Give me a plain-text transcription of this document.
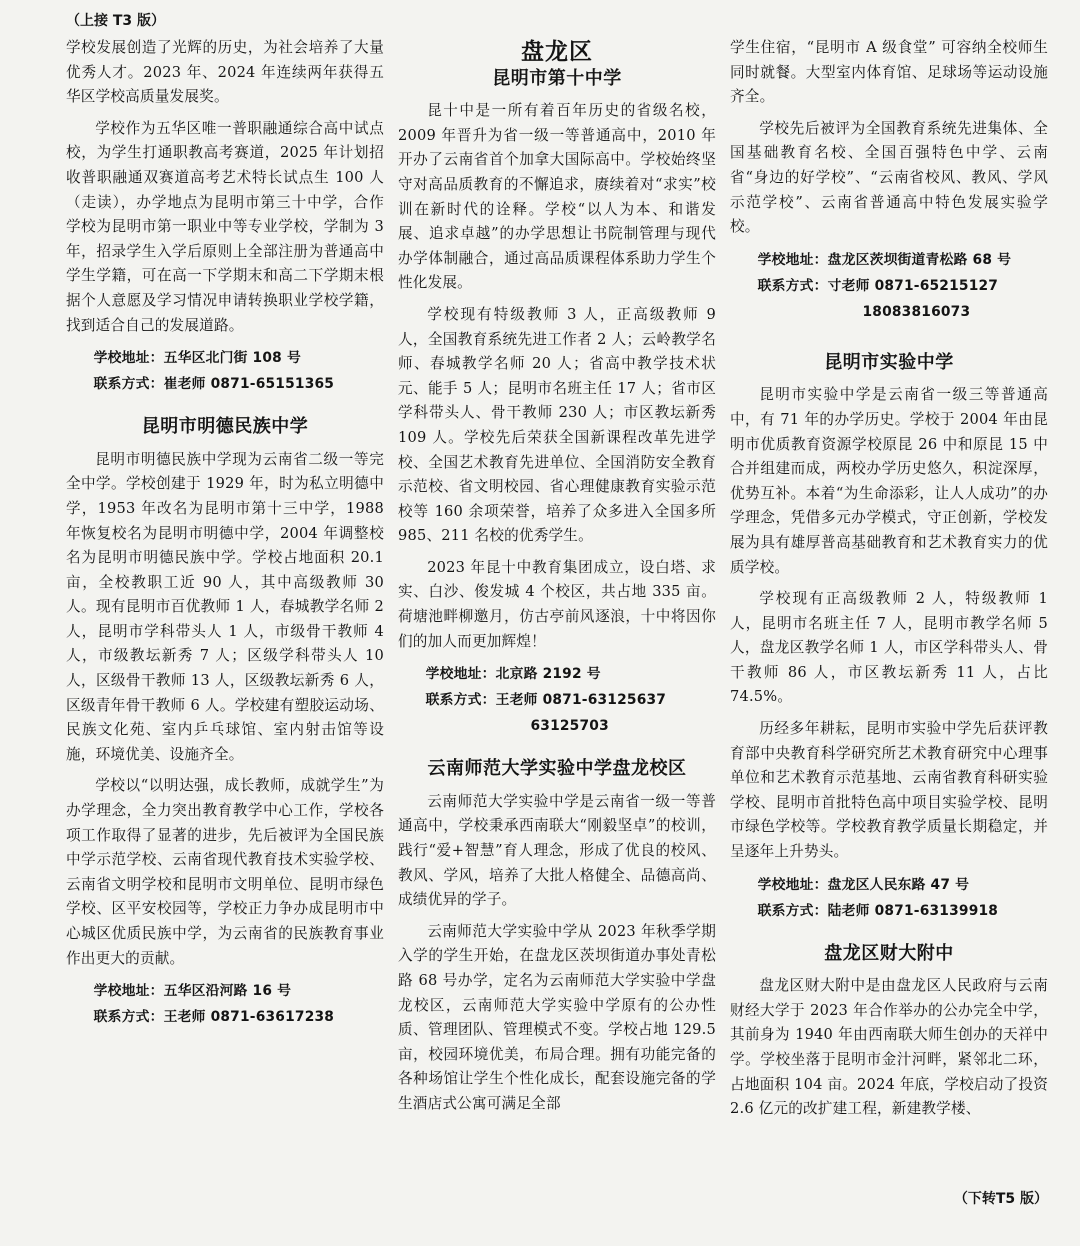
（上接 T3 版）

学校发展创造了光辉的历史，为社会培养了大量优秀人才。2023 年、2024 年连续两年获得五华区学校高质量发展奖。

学校作为五华区唯一普职融通综合高中试点校，为学生打通职教高考赛道，2025 年计划招收普职融通双赛道高考艺术特长试点生 100 人（走读），办学地点为昆明市第三十中学，合作学校为昆明市第一职业中等专业学校，学制为 3 年，招录学生入学后原则上全部注册为普通高中学生学籍，可在高一下学期末和高二下学期末根据个人意愿及学习情况申请转换职业学校学籍，找到适合自己的发展道路。

学校地址：五华区北门街 108 号
联系方式：崔老师 0871-65151365
昆明市明德民族中学

昆明市明德民族中学现为云南省二级一等完全中学。学校创建于 1929 年，时为私立明德中学，1953 年改名为昆明市第十三中学，1988 年恢复校名为昆明市明德中学，2004 年调整校名为昆明市明德民族中学。学校占地面积 20.1 亩，全校教职工近 90 人，其中高级教师 30 人。现有昆明市百优教师 1 人，春城教学名师 2 人，昆明市学科带头人 1 人，市级骨干教师 4 人，市级教坛新秀 7 人；区级学科带头人 10 人，区级骨干教师 13 人，区级教坛新秀 6 人，区级青年骨干教师 6 人。学校建有塑胶运动场、民族文化苑、室内乒乓球馆、室内射击馆等设施，环境优美、设施齐全。

学校以“以明达强，成长教师，成就学生”为办学理念，全力突出教育教学中心工作，学校各项工作取得了显著的进步，先后被评为全国民族中学示范学校、云南省现代教育技术实验学校、云南省文明学校和昆明市文明单位、昆明市绿色学校、区平安校园等，学校正力争办成昆明市中心城区优质民族中学，为云南省的民族教育事业作出更大的贡献。

学校地址：五华区沿河路 16 号
联系方式：王老师 0871-63617238
盘龙区
昆明市第十中学

昆十中是一所有着百年历史的省级名校，2009 年晋升为省一级一等普通高中，2010 年开办了云南省首个加拿大国际高中。学校始终坚守对高品质教育的不懈追求，赓续着对“求实”校训在新时代的诠释。学校“以人为本、和谐发展、追求卓越”的办学思想让书院制管理与现代办学体制融合，通过高品质课程体系助力学生个性化发展。

学校现有特级教师 3 人，正高级教师 9 人，全国教育系统先进工作者 2 人；云岭教学名师、春城教学名师 20 人；省高中教学技术状元、能手 5 人；昆明市名班主任 17 人；省市区学科带头人、骨干教师 230 人；市区教坛新秀 109 人。学校先后荣获全国新课程改革先进学校、全国艺术教育先进单位、全国消防安全教育示范校、省文明校园、省心理健康教育实验示范校等 160 余项荣誉，培养了众多进入全国多所 985、211 名校的优秀学生。

2023 年昆十中教育集团成立，设白塔、求实、白沙、俊发城 4 个校区，共占地 335 亩。荷塘池畔柳邀月，仿古亭前风逐浪，十中将因你们的加人而更加辉煌！

学校地址：北京路 2192 号
联系方式：王老师 0871-63125637
63125703
云南师范大学实验中学盘龙校区

云南师范大学实验中学是云南省一级一等普通高中，学校秉承西南联大“刚毅坚卓”的校训，践行“爱+智慧”育人理念，形成了优良的校风、教风、学风，培养了大批人格健全、品德高尚、成绩优异的学子。

云南师范大学实验中学从 2023 年秋季学期入学的学生开始，在盘龙区茨坝街道办事处青松路 68 号办学，定名为云南师范大学实验中学盘龙校区，云南师范大学实验中学原有的公办性质、管理团队、管理模式不变。学校占地 129.5 亩，校园环境优美，布局合理。拥有功能完备的各种场馆让学生个性化成长，配套设施完备的学生酒店式公寓可满足全部

学生住宿，“昆明市 A 级食堂” 可容纳全校师生同时就餐。大型室内体育馆、足球场等运动设施齐全。

学校先后被评为全国教育系统先进集体、全国基础教育名校、全国百强特色中学、云南省“身边的好学校”、“云南省校风、教风、学风示范学校”、云南省普通高中特色发展实验学校。

学校地址：盘龙区茨坝街道青松路 68 号
联系方式：寸老师 0871-65215127
18083816073
昆明市实验中学

昆明市实验中学是云南省一级三等普通高中，有 71 年的办学历史。学校于 2004 年由昆明市优质教育资源学校原昆 26 中和原昆 15 中合并组建而成，两校办学历史悠久，积淀深厚，优势互补。本着“为生命添彩，让人人成功”的办学理念，凭借多元办学模式，守正创新，学校发展为具有雄厚普高基础教育和艺术教育实力的优质学校。

学校现有正高级教师 2 人，特级教师 1 人，昆明市名班主任 7 人，昆明市教学名师 5 人，盘龙区教学名师 1 人，市区学科带头人、骨干教师 86 人，市区教坛新秀 11 人，占比 74.5%。

历经多年耕耘，昆明市实验中学先后获评教育部中央教育科学研究所艺术教育研究中心理事单位和艺术教育示范基地、云南省教育科研实验学校、昆明市首批特色高中项目实验学校、昆明市绿色学校等。学校教育教学质量长期稳定，并呈逐年上升势头。

学校地址：盘龙区人民东路 47 号
联系方式：陆老师 0871-63139918
盘龙区财大附中

盘龙区财大附中是由盘龙区人民政府与云南财经大学于 2023 年合作举办的公办完全中学，其前身为 1940 年由西南联大师生创办的天祥中学。学校坐落于昆明市金汁河畔，紧邻北二环，占地面积 104 亩。2024 年底，学校启动了投资 2.6 亿元的改扩建工程，新建教学楼、

（下转T5 版）
